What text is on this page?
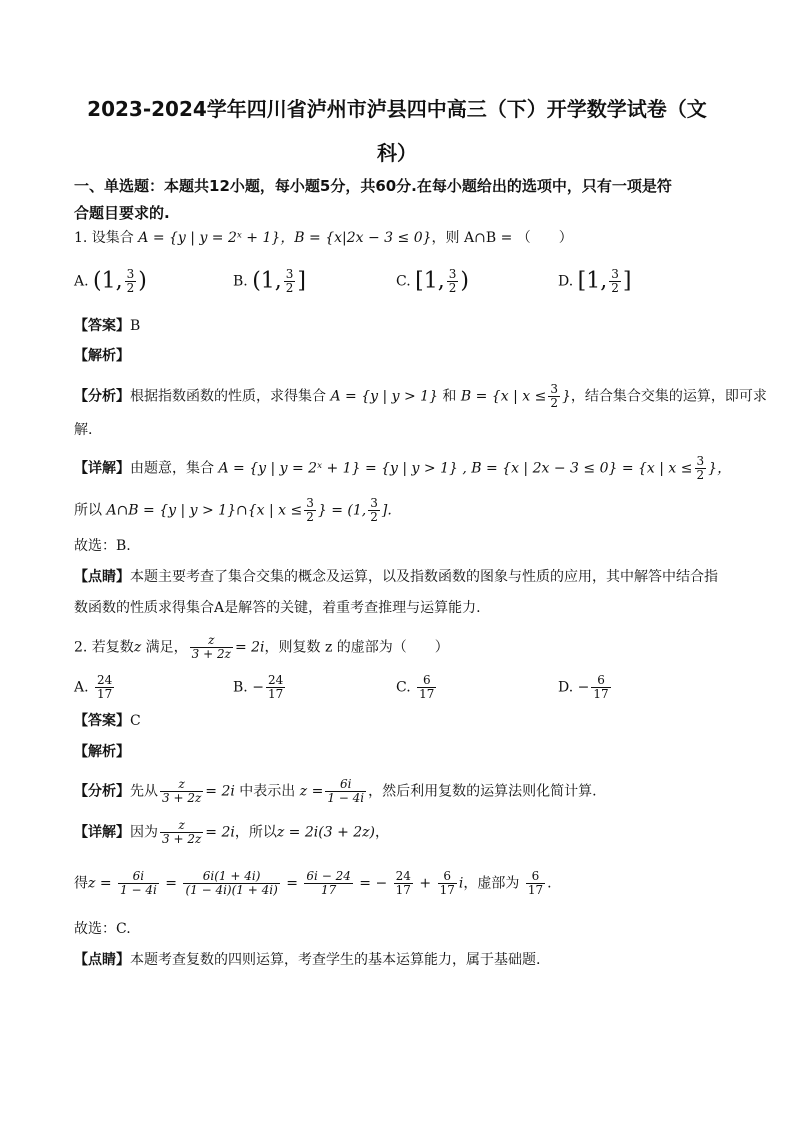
2023-2024学年四川省泸州市泸县四中高三（下）开学数学试卷（文
科）
一、单选题：本题共12小题，每小题5分，共60分.在每小题给出的选项中，只有一项是符
合题目要求的.
1. 设集合 A = {y | y = 2ˣ + 1}，B = {x|2x − 3 ≤ 0}，则 A∩B = （　　）
A. (1, $\frac{3}{2}$ )	B. (1, $\frac{3}{2}$ ]	C. [1, $\frac{3}{2}$ )	D. [1, $\frac{3}{2}$ ]
【答案】B
【解析】
【分析】根据指数函数的性质，求得集合 A = {y | y > 1} 和 B = {x | $x \le \frac{3}{2}$ }，结合集合交集的运算，即可求
解.
【详解】由题意，集合 A = {y | y = 2ˣ + 1} = {y | y > 1} , B = {x | 2x − 3 ≤ 0} = {x | $x \le \frac{3}{2}$ }，
所以 A∩B = {y | y > 1}∩{x | $x \le \frac{3}{2}$ } = (1, $\frac{3}{2}$ ].
故选：B.
【点睛】本题主要考查了集合交集的概念及运算，以及指数函数的图象与性质的应用，其中解答中结合指
数函数的性质求得集合A是解答的关键，着重考查推理与运算能力.
2. 若复数z 满足， $\frac{z}{3 + 2z} = 2i$，则复数 z 的虚部为（　　）
A. $\frac{24}{17}$	B. − $\frac{24}{17}$	C. $\frac{6}{17}$	D. − $\frac{6}{17}$
【答案】C
【解析】
【分析】先从 $\frac{z}{3 + 2z} = 2i$ 中表示出 $z = \frac{6i}{1 - 4i}$ ，然后利用复数的运算法则化简计算.
【详解】因为 $\frac{z}{3 + 2z} = 2i$，所以z = 2i(3 + 2z)，
得$z = \frac{6i}{1 - 4i} = \frac{6i(1 + 4i)}{(1 - 4i)(1 + 4i)} = \frac{6i - 24}{17}$ = − $\frac{24}{17} + \frac{6}{17}$ i，虚部为 $\frac{6}{17}$ .
故选：C.
【点睛】本题考查复数的四则运算，考查学生的基本运算能力，属于基础题.
